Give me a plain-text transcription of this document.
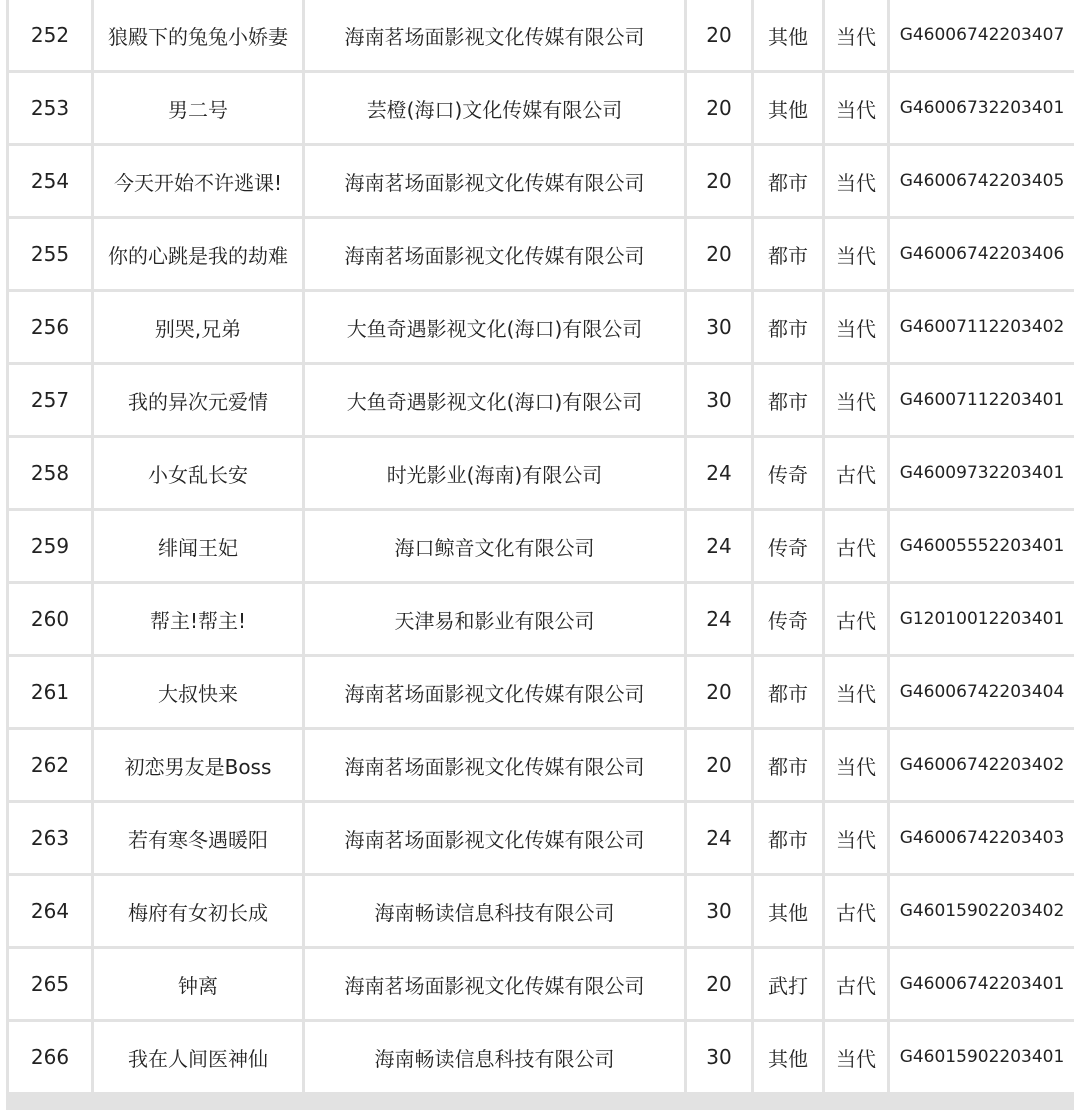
252	狼殿下的兔兔小娇妻	海南茗场面影视文化传媒有限公司	20	其他	当代	G46006742203407
253	男二号	芸橙(海口)文化传媒有限公司	20	其他	当代	G46006732203401
254	今天开始不许逃课!	海南茗场面影视文化传媒有限公司	20	都市	当代	G46006742203405
255	你的心跳是我的劫难	海南茗场面影视文化传媒有限公司	20	都市	当代	G46006742203406
256	别哭,兄弟	大鱼奇遇影视文化(海口)有限公司	30	都市	当代	G46007112203402
257	我的异次元爱情	大鱼奇遇影视文化(海口)有限公司	30	都市	当代	G46007112203401
258	小女乱长安	时光影业(海南)有限公司	24	传奇	古代	G46009732203401
259	绯闻王妃	海口鲸音文化有限公司	24	传奇	古代	G46005552203401
260	帮主!帮主!	天津易和影业有限公司	24	传奇	古代	G12010012203401
261	大叔快来	海南茗场面影视文化传媒有限公司	20	都市	当代	G46006742203404
262	初恋男友是Boss	海南茗场面影视文化传媒有限公司	20	都市	当代	G46006742203402
263	若有寒冬遇暖阳	海南茗场面影视文化传媒有限公司	24	都市	当代	G46006742203403
264	梅府有女初长成	海南畅读信息科技有限公司	30	其他	古代	G46015902203402
265	钟离	海南茗场面影视文化传媒有限公司	20	武打	古代	G46006742203401
266	我在人间医神仙	海南畅读信息科技有限公司	30	其他	当代	G46015902203401
